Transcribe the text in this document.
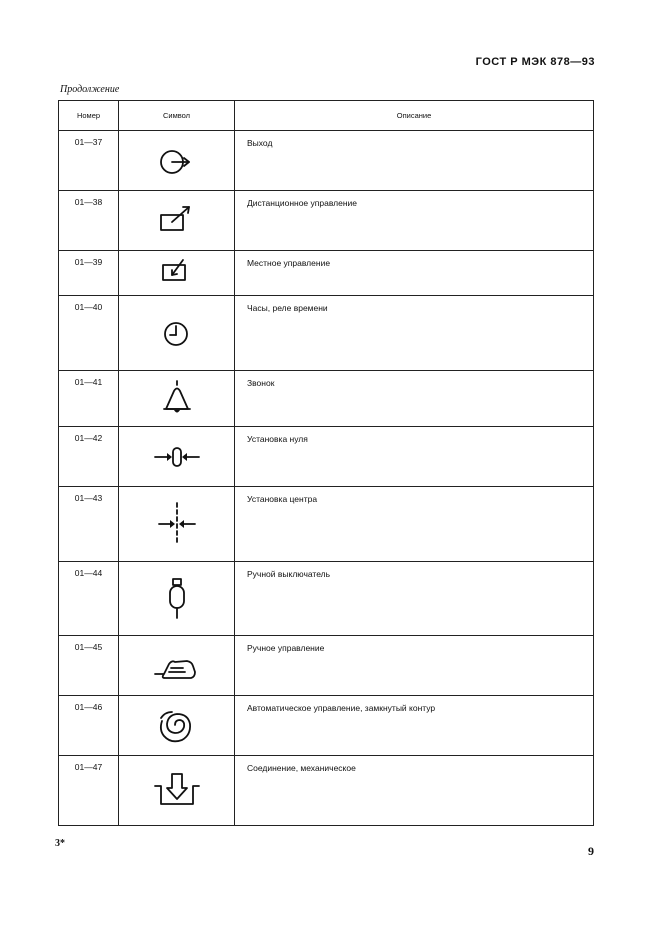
ГОСТ Р МЭК 878—93
Продолжение
Номер	Символ	Описание
01—37		Выход
01—38		Дистанционное управление
01—39		Местное управление
01—40		Часы, реле времени
01—41		Звонок
01—42		Установка нуля
01—43		Установка центра
01—44		Ручной выключатель
01—45		Ручное управление
01—46		Автоматическое управление, замкнутый контур
01—47		Соединение, механическое
3*
9
